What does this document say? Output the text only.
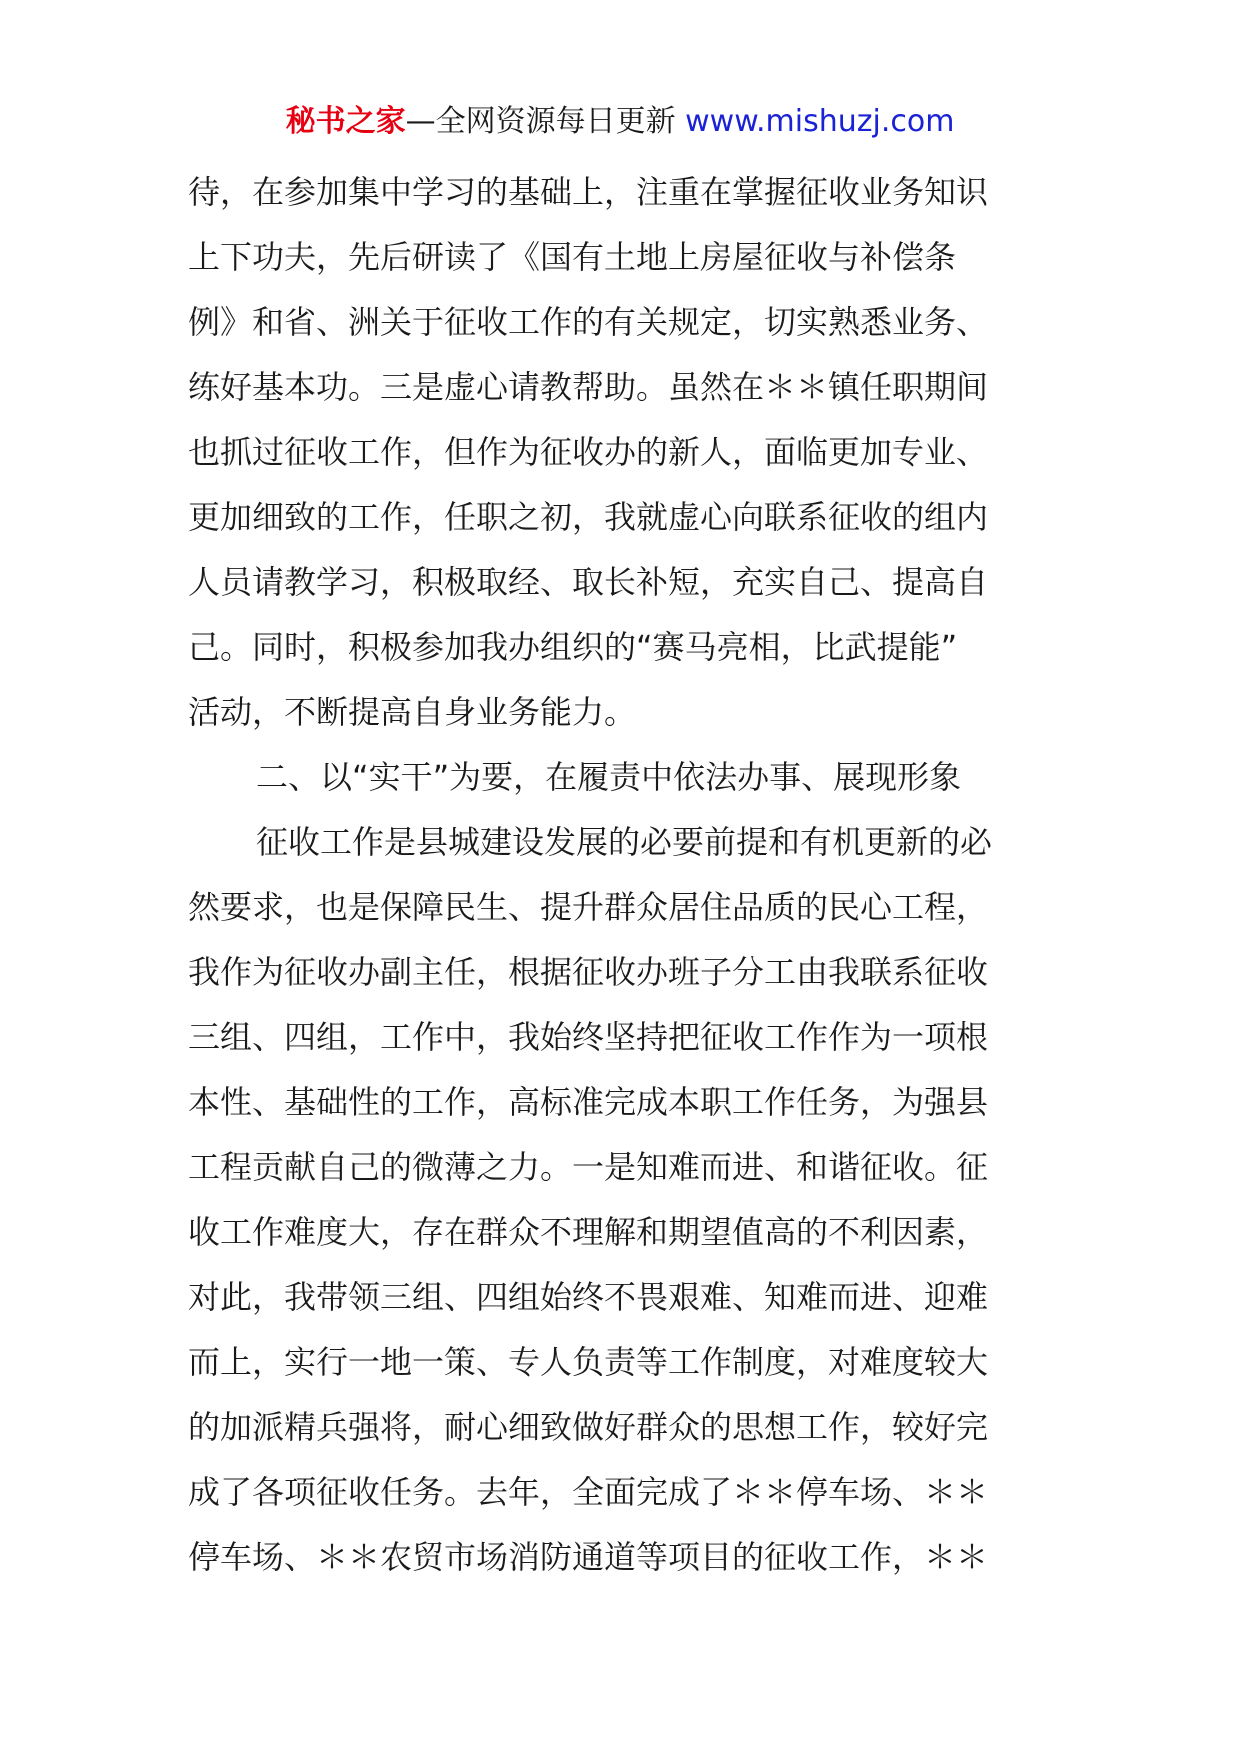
秘书之家—全网资源每日更新 www.mishuzj.com
待，在参加集中学习的基础上，注重在掌握征收业务知识
上下功夫，先后研读了《国有土地上房屋征收与补偿条
例》和省、洲关于征收工作的有关规定，切实熟悉业务、
练好基本功。三是虚心请教帮助。虽然在＊＊镇任职期间
也抓过征收工作，但作为征收办的新人，面临更加专业、
更加细致的工作，任职之初，我就虚心向联系征收的组内
人员请教学习，积极取经、取长补短，充实自己、提高自
己。同时，积极参加我办组织的“赛马亮相，比武提能”
活动，不断提高自身业务能力。
二、以“实干”为要，在履责中依法办事、展现形象
征收工作是县城建设发展的必要前提和有机更新的必
然要求，也是保障民生、提升群众居住品质的民心工程，
我作为征收办副主任，根据征收办班子分工由我联系征收
三组、四组，工作中，我始终坚持把征收工作作为一项根
本性、基础性的工作，高标准完成本职工作任务，为强县
工程贡献自己的微薄之力。一是知难而进、和谐征收。征
收工作难度大，存在群众不理解和期望值高的不利因素，
对此，我带领三组、四组始终不畏艰难、知难而进、迎难
而上，实行一地一策、专人负责等工作制度，对难度较大
的加派精兵强将，耐心细致做好群众的思想工作，较好完
成了各项征收任务。去年，全面完成了＊＊停车场、＊＊
停车场、＊＊农贸市场消防通道等项目的征收工作，＊＊
